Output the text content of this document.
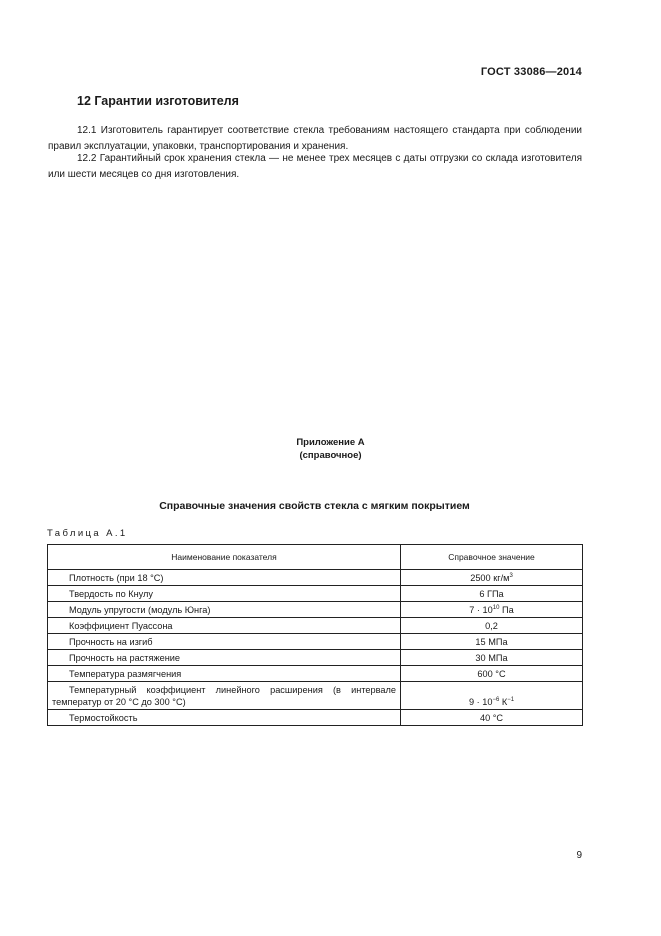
ГОСТ 33086—2014
12 Гарантии изготовителя
12.1 Изготовитель гарантирует соответствие стекла требованиям настоящего стандарта при соблюдении правил эксплуатации, упаковки, транспортирования и хранения.
12.2 Гарантийный срок хранения стекла — не менее трех месяцев с даты отгрузки со склада изготовителя или шести месяцев со дня изготовления.
Приложение А
(справочное)
Справочные значения свойств стекла с мягким покрытием
Таблица А.1
Наименование показателя	Справочное значение
Плотность (при 18 °С)	2500 $кг/м^3$
Твердость по Кнулу	6 ГПа
Модуль упругости (модуль Юнга)	$7 \cdot 10^{10}$ Па
Коэффициент Пуассона	0,2
Прочность на изгиб	15 МПа
Прочность на растяжение	30 МПа
Температура размягчения	600 °С
Температурный коэффициент линейного расширения (в интервале температур от 20 °С до 300 °С)	$9 \cdot 10^{-6}$ $К^{-1}$
Термостойкость	40 °С
9
